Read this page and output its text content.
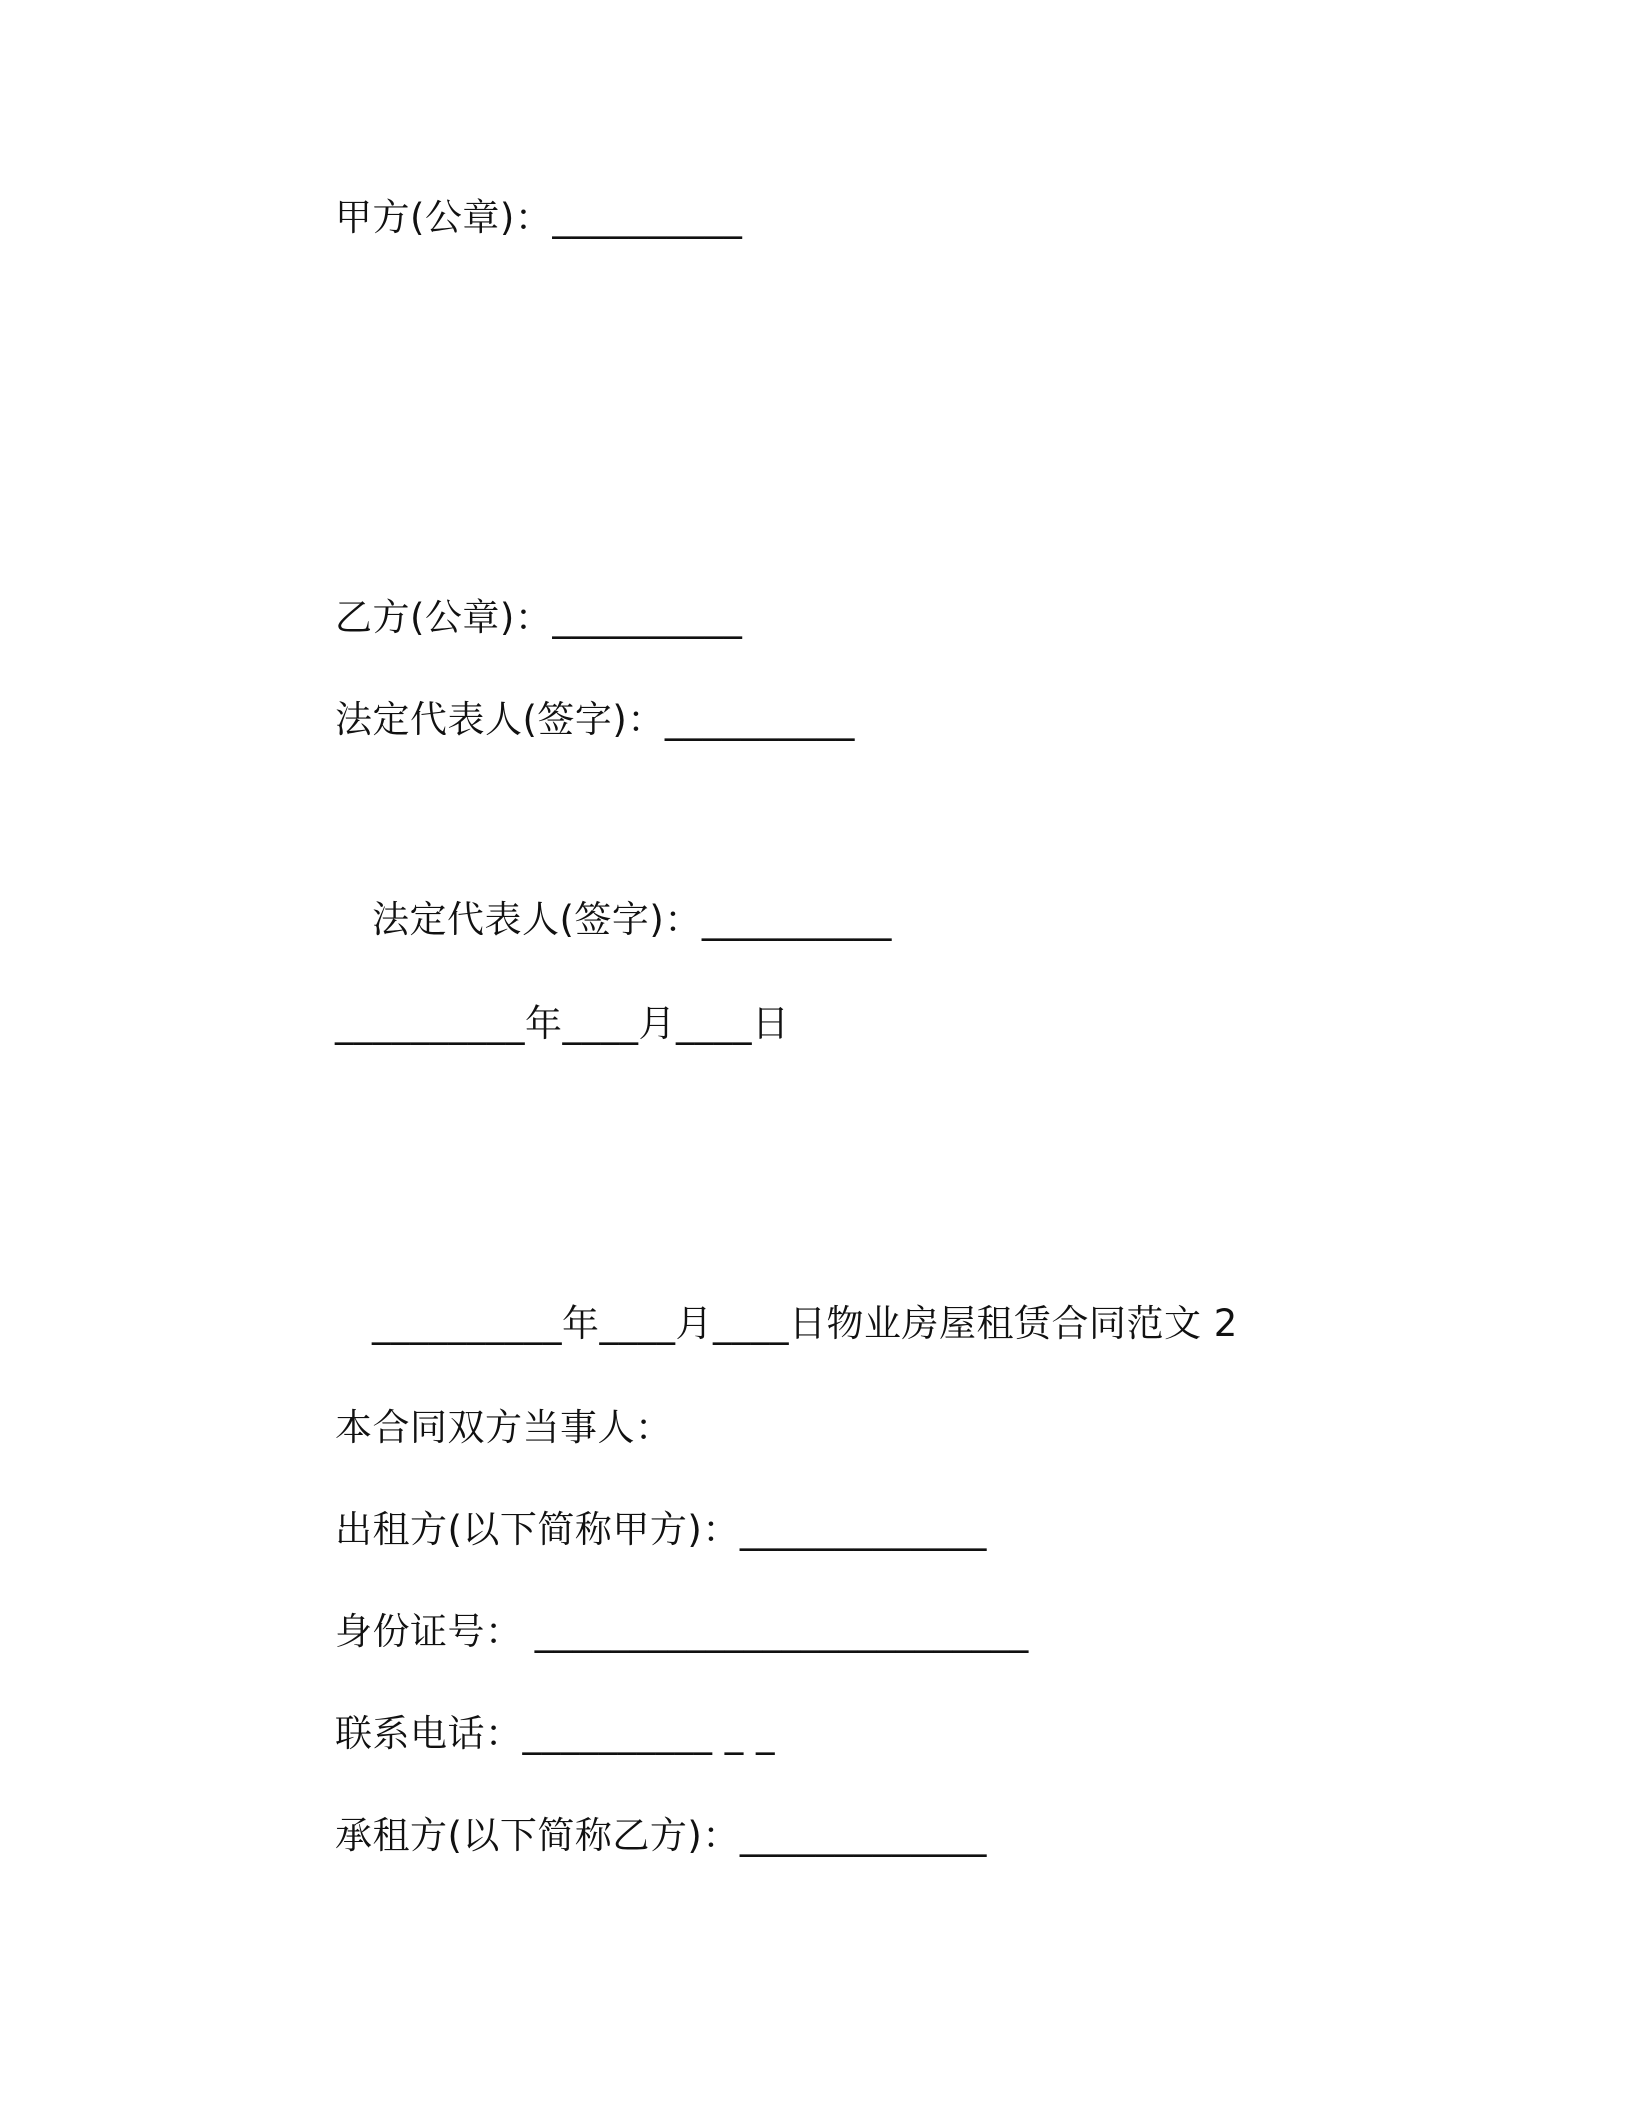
甲方(公章)：__________
乙方(公章)：__________
法定代表人(签字)：__________
法定代表人(签字)：__________
__________年____月____日
__________年____月____日物业房屋租赁合同范文 2
本合同双方当事人：
出租方(以下简称甲方)：_____________
身份证号： __________________________
联系电话：__________ _ _
承租方(以下简称乙方)：_____________
